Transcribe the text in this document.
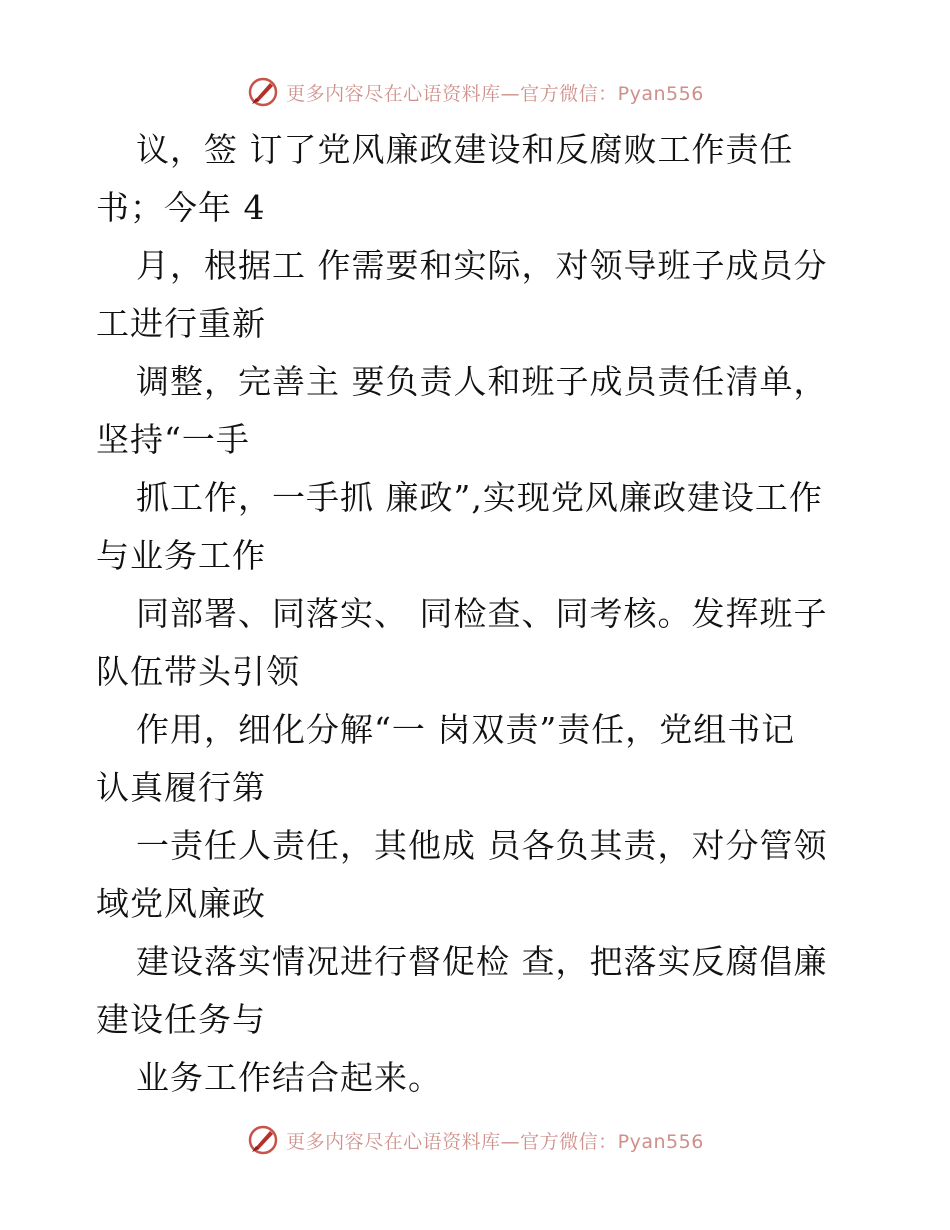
更多内容尽在心语资料库—官方微信：Pyan556
议，签 订了党风廉政建设和反腐败工作责任
书；今年 4
月，根据工 作需要和实际，对领导班子成员分
工进行重新
调整，完善主 要负责人和班子成员责任清单，
坚持“一手
抓工作，一手抓 廉政”,实现党风廉政建设工作
与业务工作
同部署、同落实、 同检查、同考核。发挥班子
队伍带头引领
作用，细化分解“一 岗双责”责任，党组书记
认真履行第
一责任人责任，其他成 员各负其责，对分管领
域党风廉政
建设落实情况进行督促检 查，把落实反腐倡廉
建设任务与
业务工作结合起来。
更多内容尽在心语资料库—官方微信：Pyan556
